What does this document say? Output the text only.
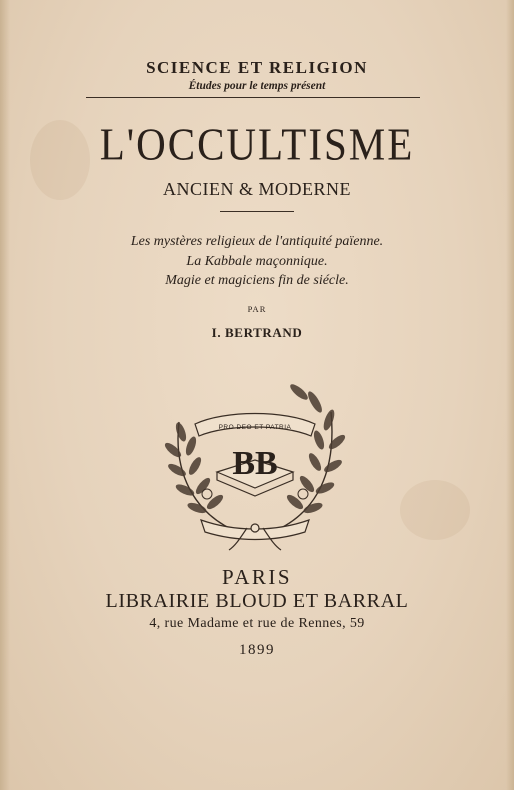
SCIENCE ET RELIGION
Études pour le temps présent
L'OCCULTISME
ANCIEN & MODERNE
Les mystères religieux de l'antiquité païenne.
La Kabbale maçonnique.
Magie et magiciens fin de siécle.
PAR
I. BERTRAND
PRO DEO ET PATRIA
BB
PARIS
LIBRAIRIE BLOUD ET BARRAL
4, rue Madame et rue de Rennes, 59
1899
